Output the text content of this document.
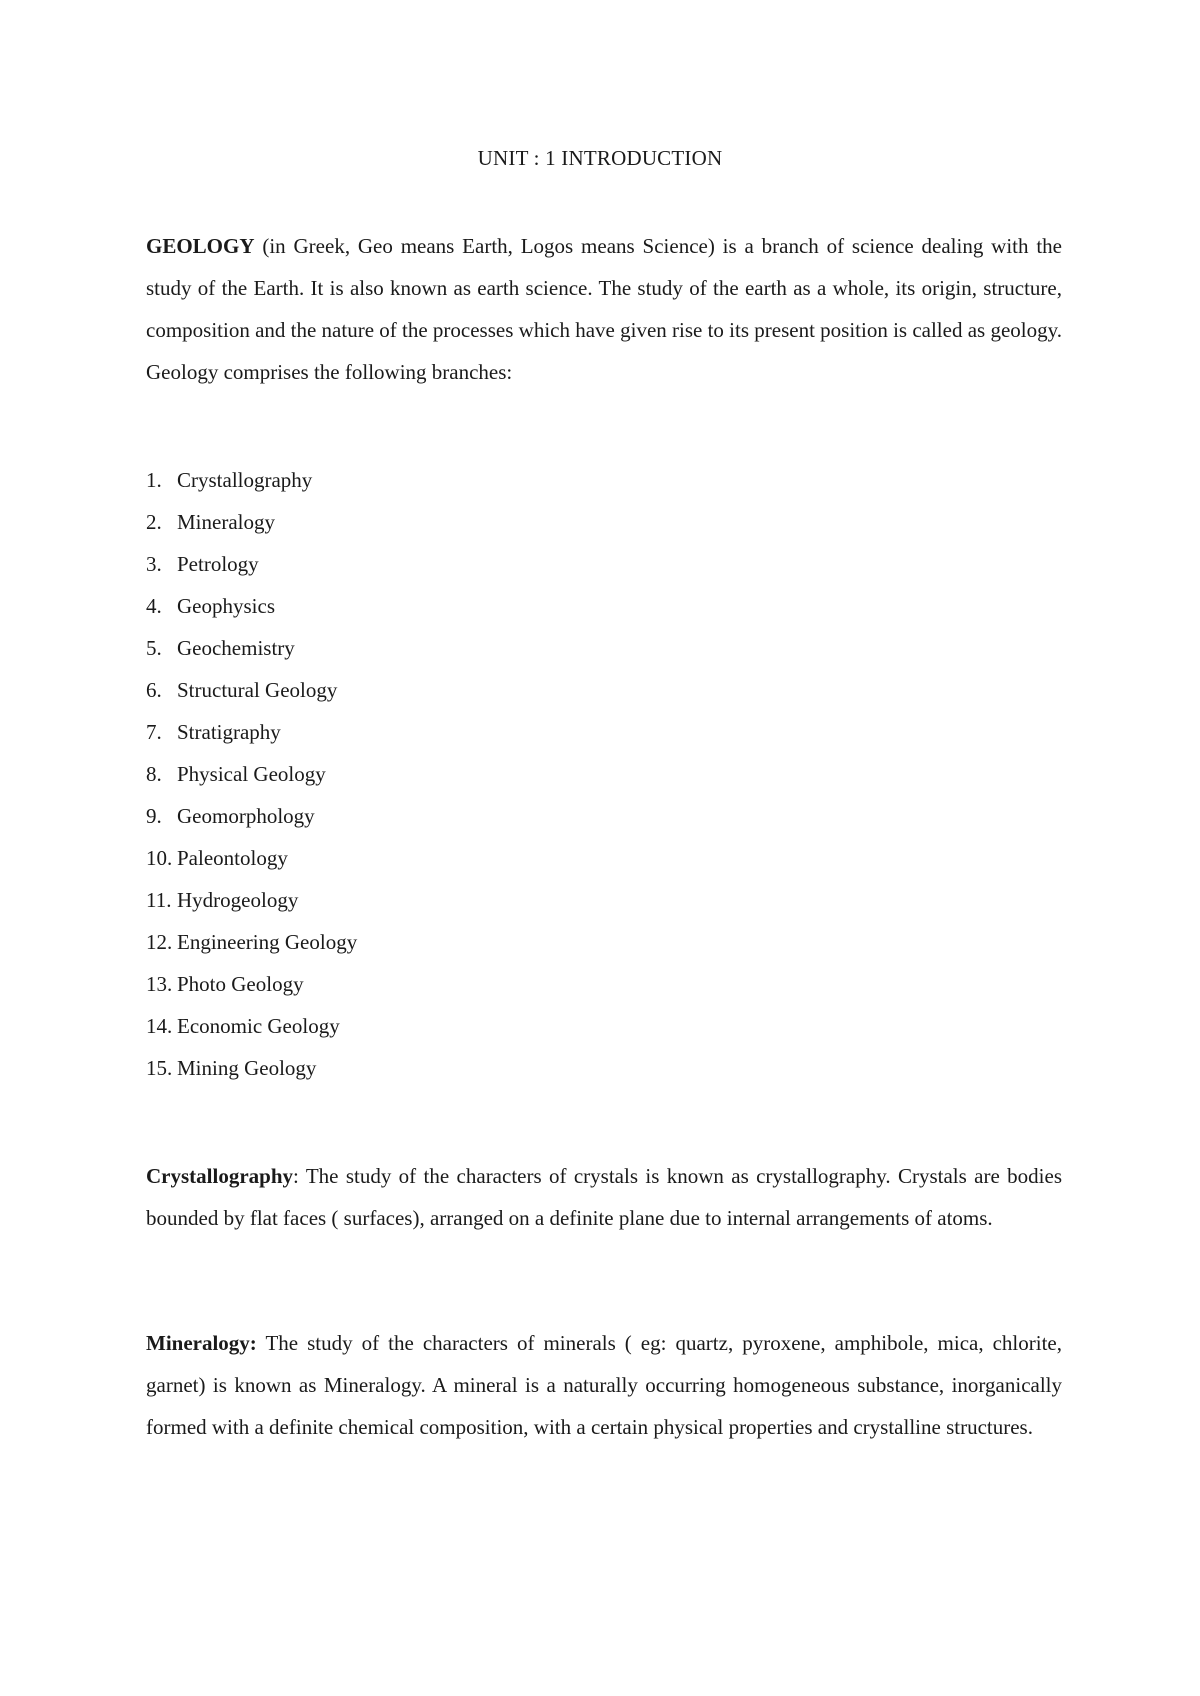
UNIT : 1 INTRODUCTION

GEOLOGY (in Greek, Geo means Earth, Logos means Science) is a branch of science dealing with the study of the Earth. It is also known as earth science. The study of the earth as a whole, its origin, structure, composition and the nature of the processes which have given rise to its present position is called as geology. Geology comprises the following branches:

1. Crystallography
2. Mineralogy
3. Petrology
4. Geophysics
5. Geochemistry
6. Structural Geology
7. Stratigraphy
8. Physical Geology
9. Geomorphology
10. Paleontology
11. Hydrogeology
12. Engineering Geology
13. Photo Geology
14. Economic Geology
15. Mining Geology

Crystallography: The study of the characters of crystals is known as crystallography. Crystals are bodies bounded by flat faces ( surfaces), arranged on a definite plane due to internal arrangements of atoms.

Mineralogy: The study of the characters of minerals ( eg: quartz, pyroxene, amphibole, mica, chlorite, garnet) is known as Mineralogy. A mineral is a naturally occurring homogeneous substance, inorganically formed with a definite chemical composition, with a certain physical properties and crystalline structures.
